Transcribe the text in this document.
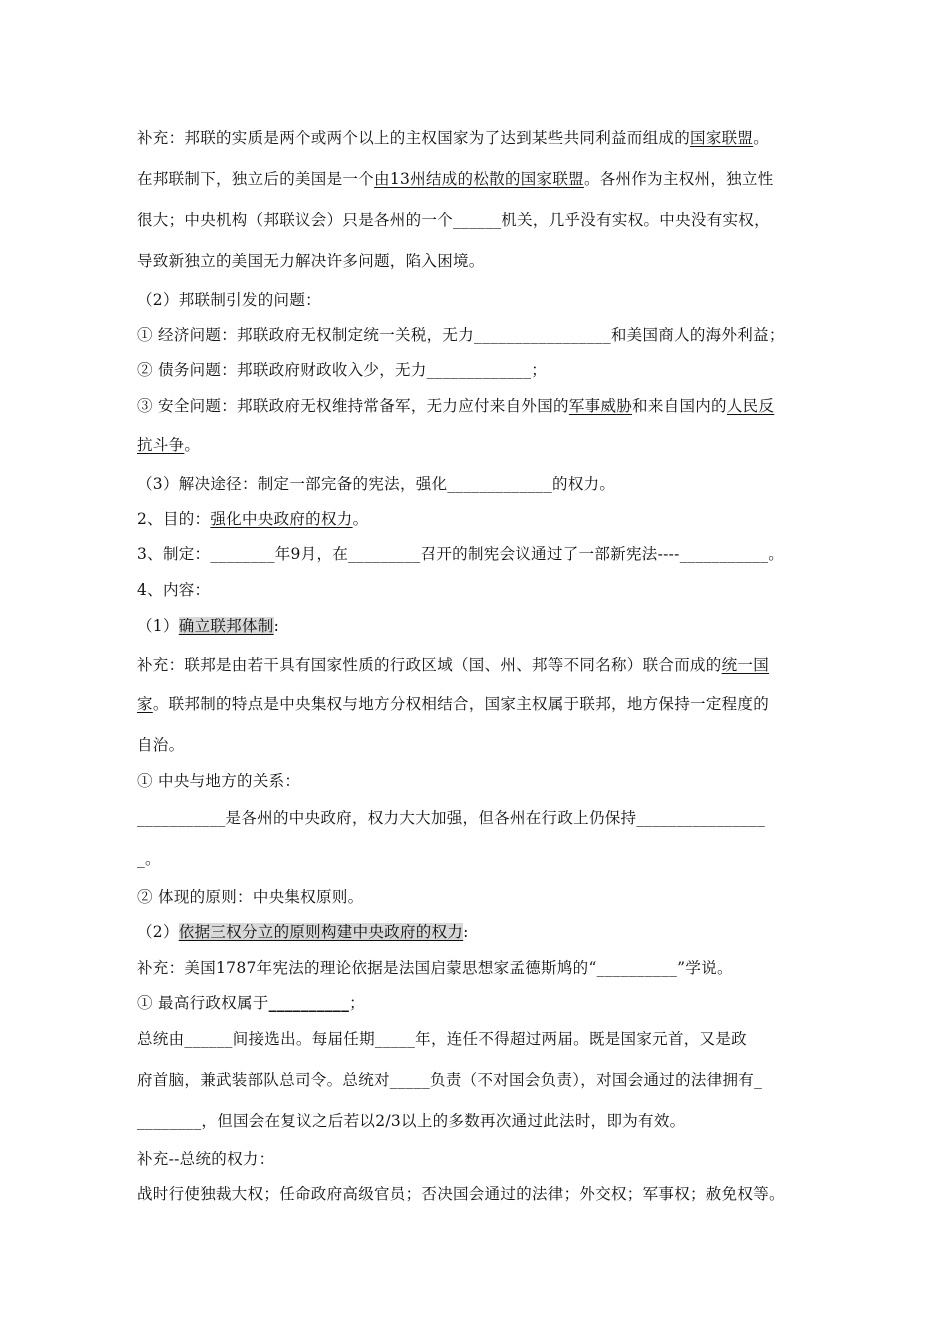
补充：邦联的实质是两个或两个以上的主权国家为了达到某些共同利益而组成的国家联盟。
在邦联制下，独立后的美国是一个由13州结成的松散的国家联盟。各州作为主权州，独立性
很大；中央机构（邦联议会）只是各州的一个______机关，几乎没有实权。中央没有实权，
导致新独立的美国无力解决许多问题，陷入困境。
（2）邦联制引发的问题：
① 经济问题：邦联政府无权制定统一关税，无力_________________和美国商人的海外利益；
② 债务问题：邦联政府财政收入少，无力_____________；
③ 安全问题：邦联政府无权维持常备军，无力应付来自外国的军事威胁和来自国内的人民反
抗斗争。
（3）解决途径：制定一部完备的宪法，强化_____________的权力。
2、目的：强化中央政府的权力。
3、制定：________年9月，在_________召开的制宪会议通过了一部新宪法----___________。
4、内容：
（1）确立联邦体制:
补充：联邦是由若干具有国家性质的行政区域（国、州、邦等不同名称）联合而成的统一国
家。联邦制的特点是中央集权与地方分权相结合，国家主权属于联邦，地方保持一定程度的
自治。
① 中央与地方的关系：
___________是各州的中央政府，权力大大加强，但各州在行政上仍保持________________
_。
② 体现的原则：中央集权原则。
（2）依据三权分立的原则构建中央政府的权力:
补充：美国1787年宪法的理论依据是法国启蒙思想家孟德斯鸠的“__________”学说。
① 最高行政权属于__________；
总统由______间接选出。每届任期_____年，连任不得超过两届。既是国家元首，又是政
府首脑，兼武装部队总司令。总统对_____负责（不对国会负责），对国会通过的法律拥有_
________，但国会在复议之后若以2/3以上的多数再次通过此法时，即为有效。
补充--总统的权力：
战时行使独裁大权；任命政府高级官员；否决国会通过的法律；外交权；军事权；赦免权等。
